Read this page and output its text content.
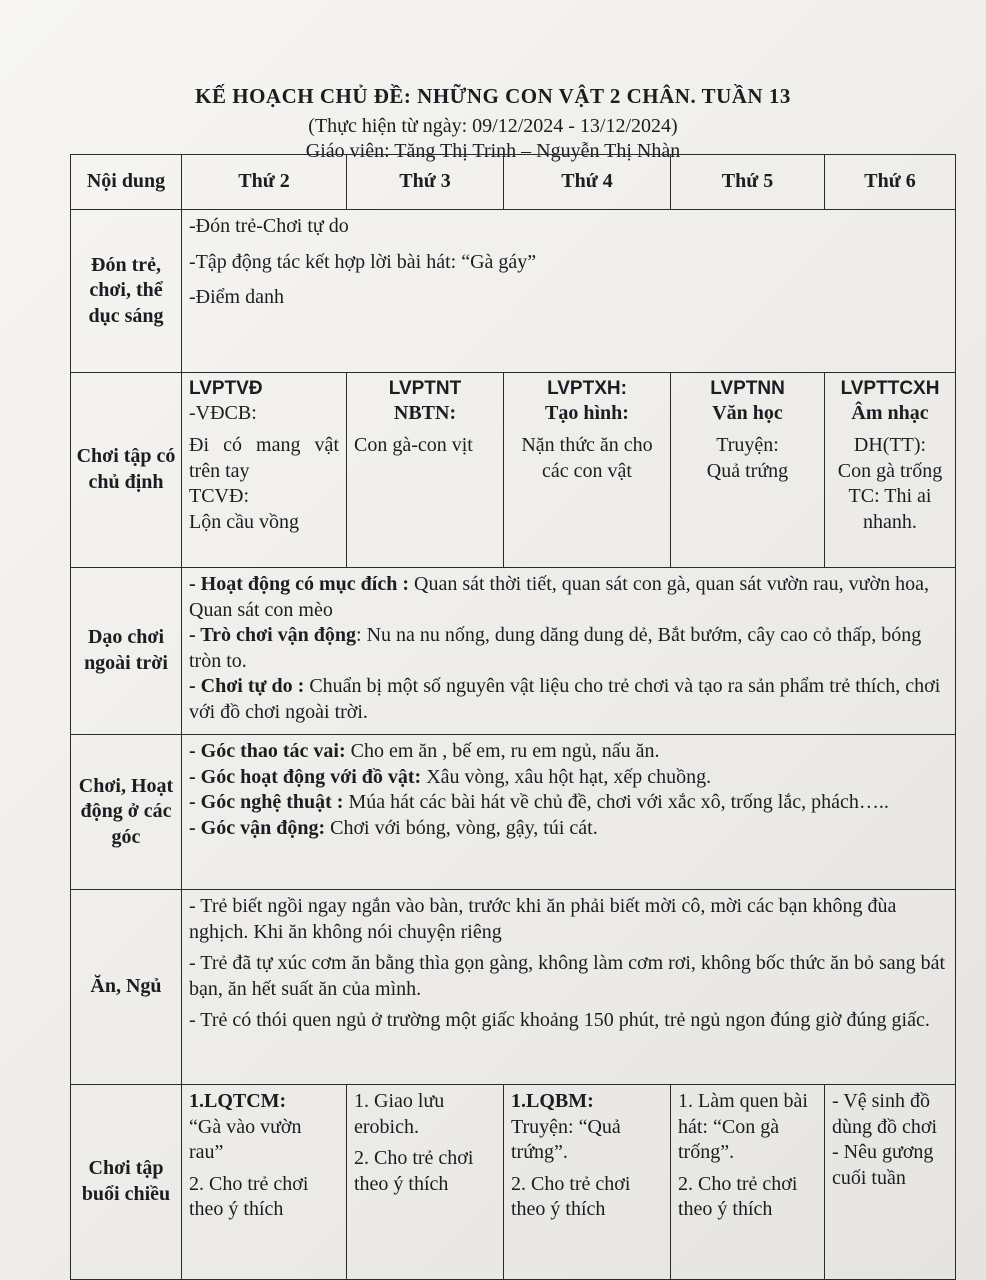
KẾ HOẠCH CHỦ ĐỀ: NHỮNG CON VẬT 2 CHÂN. TUẦN 13
(Thực hiện từ ngày: 09/12/2024 - 13/12/2024)
Giáo viên: Tăng Thị Trinh – Nguyễn Thị Nhàn
Nội dung	Thứ 2	Thứ 3	Thứ 4	Thứ 5	Thứ 6
Đón trẻ, chơi, thể dục sáng	-Đón trẻ-Chơi tự do
-Tập động tác kết hợp lời bài hát: “Gà gáy”
-Điểm danh				

Chơi tập có chủ định	LVPTVĐ
-VĐCB:
Đi có mang vật trên tay
TCVĐ:
Lộn cầu vồng	LVPTNT
NBTN:
Con gà-con vịt	LVPTXH:
Tạo hình:
Nặn thức ăn cho các con vật	LVPTNN
Văn học
Truyện:
Quả trứng	LVPTTCXH
Âm nhạc
DH(TT):
Con gà trống
TC: Thi ai nhanh.

Dạo chơi ngoài trời	- Hoạt động có mục đích : Quan sát thời tiết, quan sát con gà, quan sát vườn rau, vườn hoa, Quan sát con mèo
- Trò chơi vận động: Nu na nu nống, dung dăng dung dẻ, Bắt bướm, cây cao cỏ thấp, bóng tròn to.
- Chơi tự do : Chuẩn bị một số nguyên vật liệu cho trẻ chơi và tạo ra sản phẩm trẻ thích, chơi với đồ chơi ngoài trời.				

Chơi, Hoạt động ở các góc	- Góc thao tác vai: Cho em ăn , bế em, ru em ngủ, nấu ăn.
- Góc hoạt động với đồ vật: Xâu vòng, xâu hột hạt, xếp chuồng.
- Góc nghệ thuật : Múa hát các bài hát về chủ đề, chơi với xắc xô, trống lắc, phách…..
- Góc vận động: Chơi với bóng, vòng, gậy, túi cát.				

Ăn, Ngủ	- Trẻ biết ngồi ngay ngắn vào bàn, trước khi ăn phải biết mời cô, mời các bạn không đùa nghịch. Khi ăn không nói chuyện riêng
- Trẻ đã tự xúc cơm ăn bằng thìa gọn gàng, không làm cơm rơi, không bốc thức ăn bỏ sang bát bạn, ăn hết suất ăn của mình.
- Trẻ có thói quen ngủ ở trường một giấc khoảng 150 phút, trẻ ngủ ngon đúng giờ đúng giấc.				

Chơi tập buổi chiều	1.LQTCM:
“Gà vào vườn rau”
2. Cho trẻ chơi theo ý thích	1. Giao lưu erobich.
2. Cho trẻ chơi theo ý thích	1.LQBM:
Truyện: “Quả trứng”.
2. Cho trẻ chơi theo ý thích	1. Làm quen bài hát: “Con gà trống”.
2. Cho trẻ chơi theo ý thích	- Vệ sinh đồ dùng đồ chơi
- Nêu gương cuối tuần
